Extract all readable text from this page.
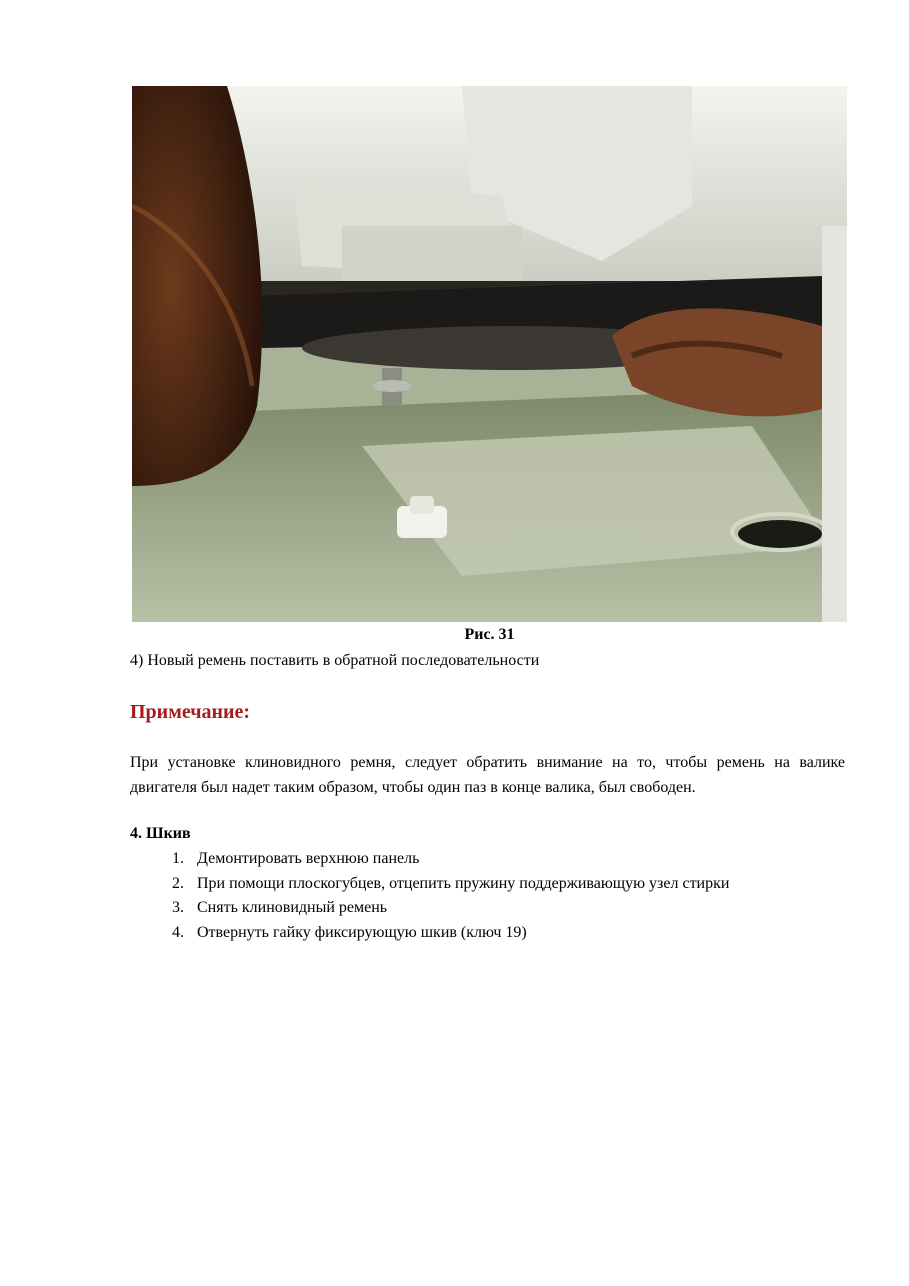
Рис. 31
4) Новый ремень поставить в обратной последовательности
Примечание:
При установке клиновидного ремня, следует обратить внимание на то, чтобы ремень на валике двигателя был надет таким образом, чтобы один паз в конце валика, был свободен.
4. Шкив
1. Демонтировать верхнюю панель
2. При помощи плоскогубцев, отцепить пружину поддерживающую узел стирки
3. Снять клиновидный ремень
4. Отвернуть гайку фиксирующую шкив (ключ 19)
